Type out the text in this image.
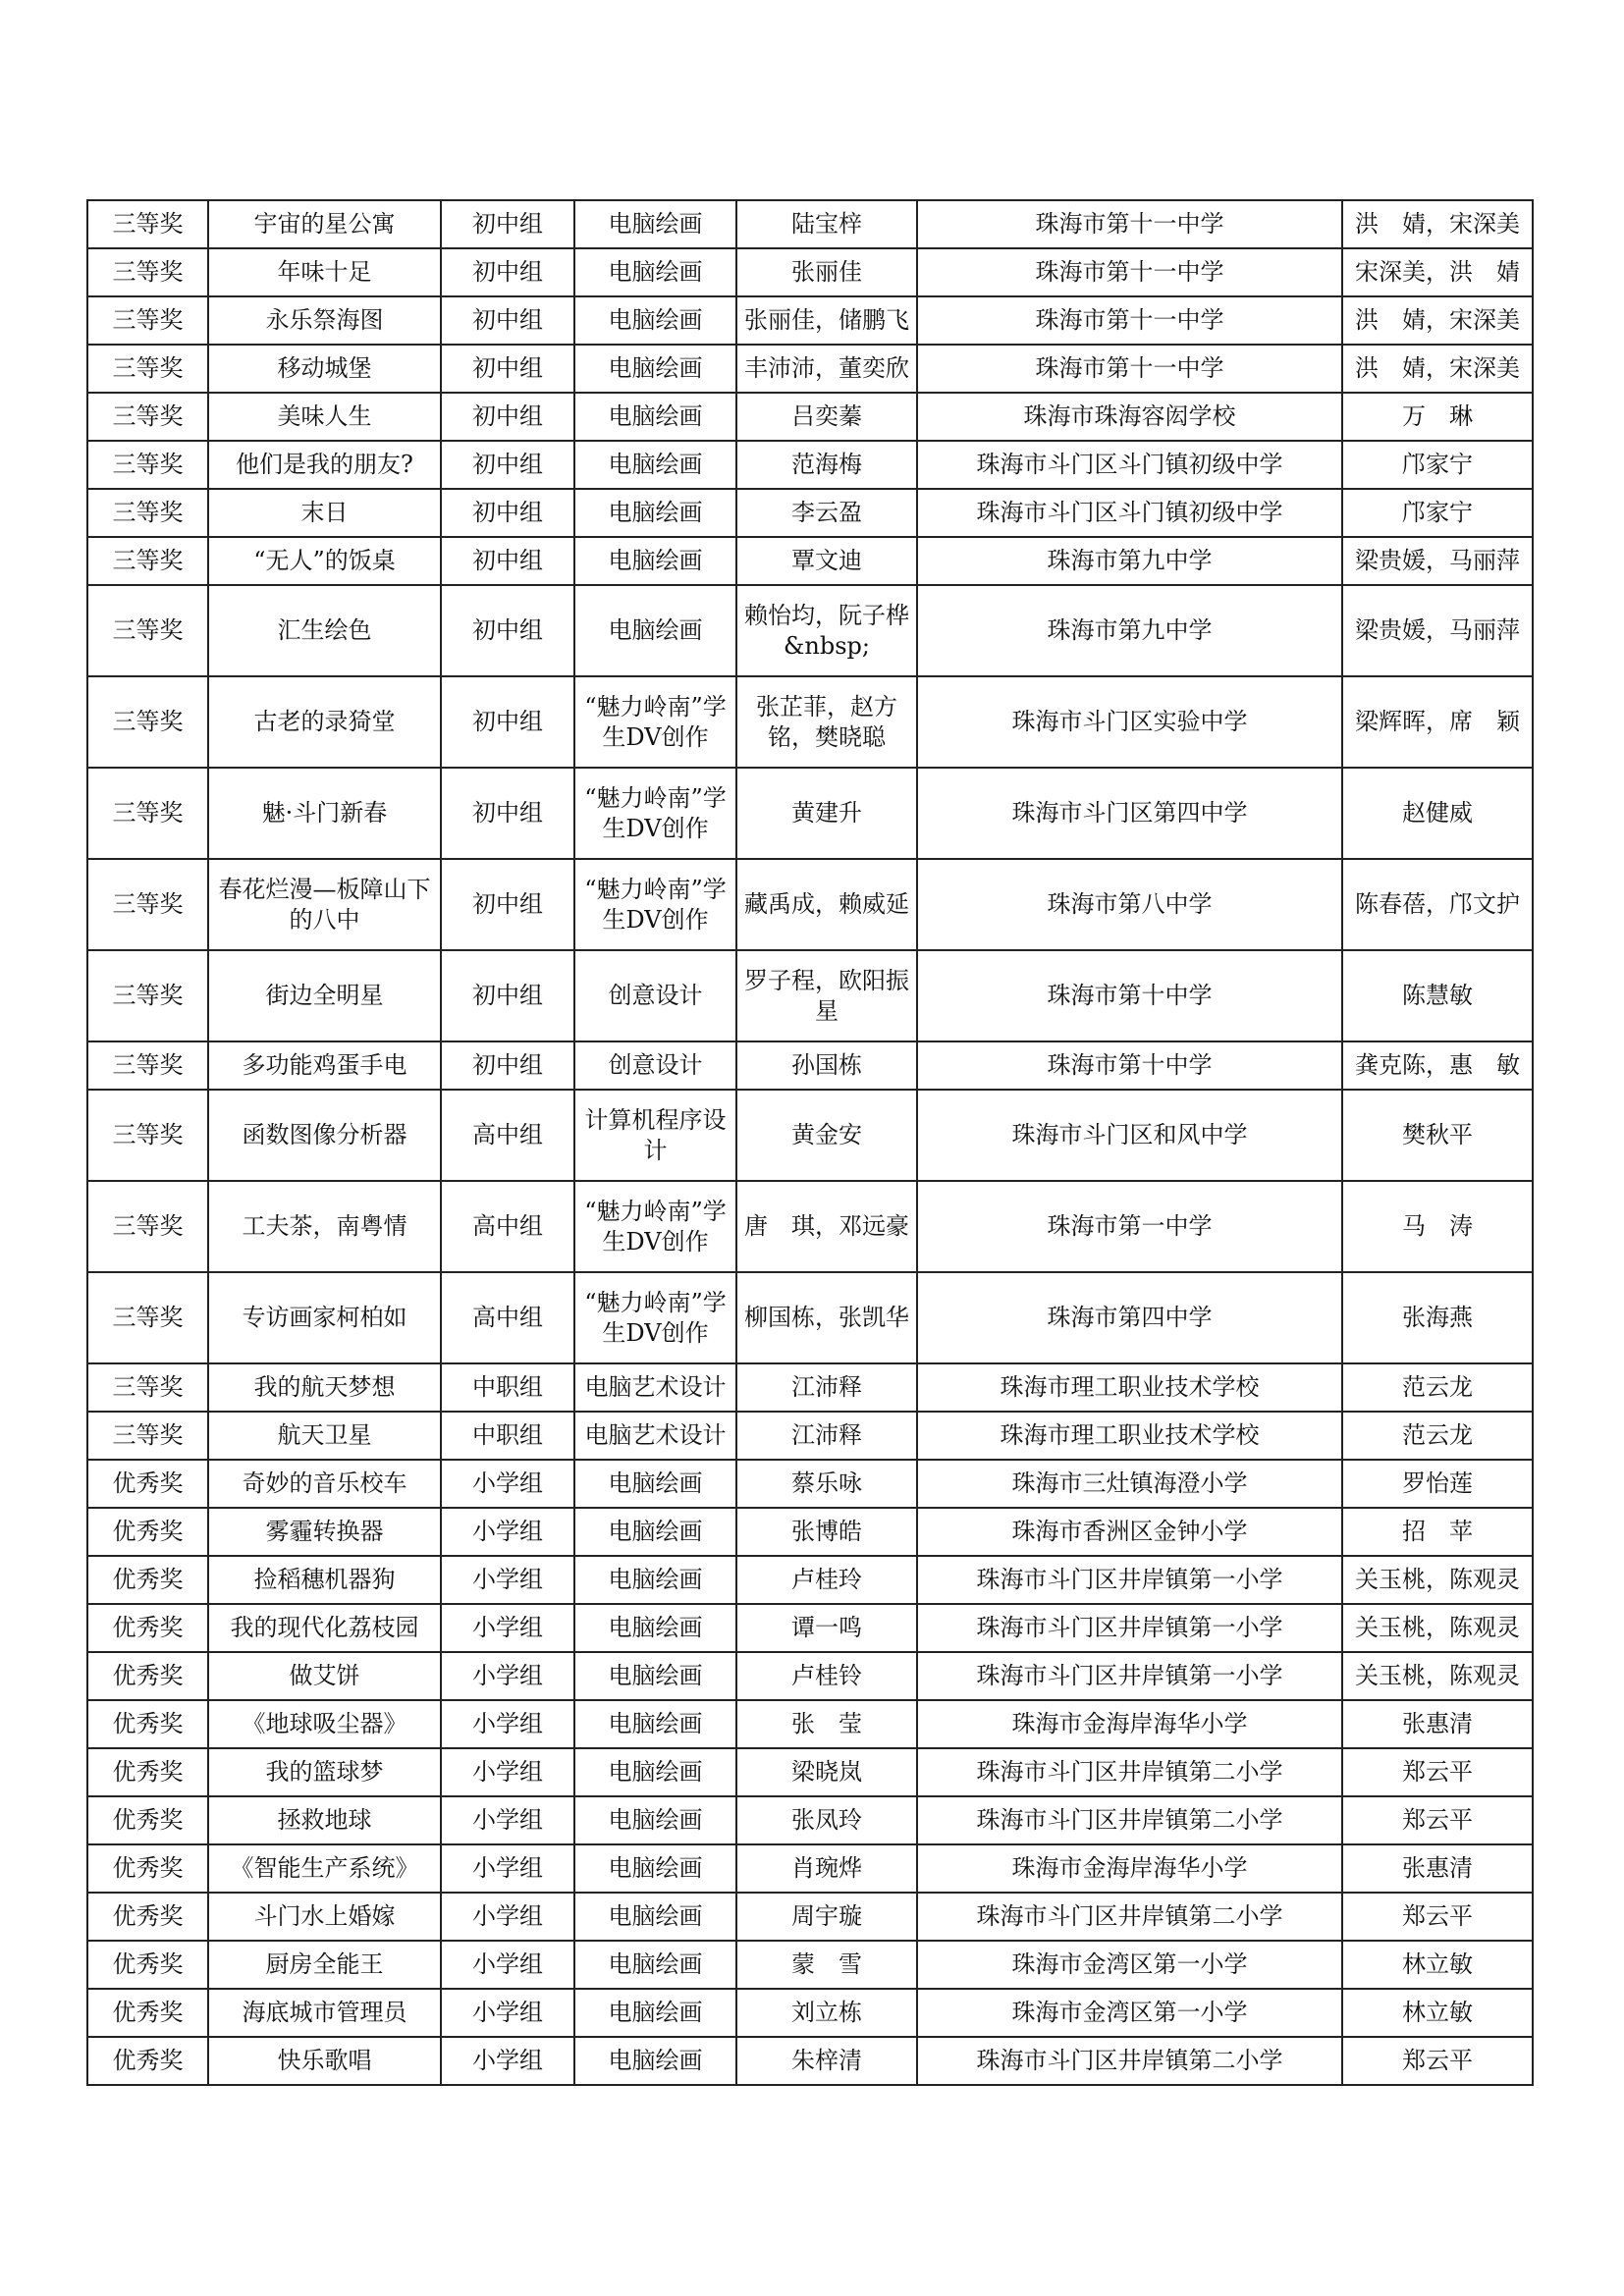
三等奖	宇宙的星公寓	初中组	电脑绘画	陆宝梓	珠海市第十一中学	洪　婧，宋深美
三等奖	年味十足	初中组	电脑绘画	张丽佳	珠海市第十一中学	宋深美，洪　婧
三等奖	永乐祭海图	初中组	电脑绘画	张丽佳，储鹏飞	珠海市第十一中学	洪　婧，宋深美
三等奖	移动城堡	初中组	电脑绘画	丰沛沛，董奕欣	珠海市第十一中学	洪　婧，宋深美
三等奖	美味人生	初中组	电脑绘画	吕奕蓁	珠海市珠海容闳学校	万　琳
三等奖	他们是我的朋友?	初中组	电脑绘画	范海梅	珠海市斗门区斗门镇初级中学	邝家宁
三等奖	末日	初中组	电脑绘画	李云盈	珠海市斗门区斗门镇初级中学	邝家宁
三等奖	“无人”的饭桌	初中组	电脑绘画	覃文迪	珠海市第九中学	梁贵媛，马丽萍
三等奖	汇生绘色	初中组	电脑绘画	赖怡均，阮子桦&nbsp;	珠海市第九中学	梁贵媛，马丽萍
三等奖	古老的录猗堂	初中组	“魅力岭南”学生DV创作	张芷菲，赵方铭，樊晓聪	珠海市斗门区实验中学	梁辉晖，席　颖
三等奖	魅·斗门新春	初中组	“魅力岭南”学生DV创作	黄建升	珠海市斗门区第四中学	赵健威
三等奖	春花烂漫—板障山下的八中	初中组	“魅力岭南”学生DV创作	藏禹成，赖威延	珠海市第八中学	陈春蓓，邝文护
三等奖	街边全明星	初中组	创意设计	罗子程，欧阳振星	珠海市第十中学	陈慧敏
三等奖	多功能鸡蛋手电	初中组	创意设计	孙国栋	珠海市第十中学	龚克陈，惠　敏
三等奖	函数图像分析器	高中组	计算机程序设计	黄金安	珠海市斗门区和风中学	樊秋平
三等奖	工夫茶，南粤情	高中组	“魅力岭南”学生DV创作	唐　琪，邓远豪	珠海市第一中学	马　涛
三等奖	专访画家柯柏如	高中组	“魅力岭南”学生DV创作	柳国栋，张凯华	珠海市第四中学	张海燕
三等奖	我的航天梦想	中职组	电脑艺术设计	江沛释	珠海市理工职业技术学校	范云龙
三等奖	航天卫星	中职组	电脑艺术设计	江沛释	珠海市理工职业技术学校	范云龙
优秀奖	奇妙的音乐校车	小学组	电脑绘画	蔡乐咏	珠海市三灶镇海澄小学	罗怡莲
优秀奖	雾霾转换器	小学组	电脑绘画	张博皓	珠海市香洲区金钟小学	招　苹
优秀奖	捡稻穗机器狗	小学组	电脑绘画	卢桂玲	珠海市斗门区井岸镇第一小学	关玉桃，陈观灵
优秀奖	我的现代化荔枝园	小学组	电脑绘画	谭一鸣	珠海市斗门区井岸镇第一小学	关玉桃，陈观灵
优秀奖	做艾饼	小学组	电脑绘画	卢桂铃	珠海市斗门区井岸镇第一小学	关玉桃，陈观灵
优秀奖	《地球吸尘器》	小学组	电脑绘画	张　莹	珠海市金海岸海华小学	张惠清
优秀奖	我的篮球梦	小学组	电脑绘画	梁晓岚	珠海市斗门区井岸镇第二小学	郑云平
优秀奖	拯救地球	小学组	电脑绘画	张凤玲	珠海市斗门区井岸镇第二小学	郑云平
优秀奖	《智能生产系统》	小学组	电脑绘画	肖琬烨	珠海市金海岸海华小学	张惠清
优秀奖	斗门水上婚嫁	小学组	电脑绘画	周宇璇	珠海市斗门区井岸镇第二小学	郑云平
优秀奖	厨房全能王	小学组	电脑绘画	蒙　雪	珠海市金湾区第一小学	林立敏
优秀奖	海底城市管理员	小学组	电脑绘画	刘立栋	珠海市金湾区第一小学	林立敏
优秀奖	快乐歌唱	小学组	电脑绘画	朱梓清	珠海市斗门区井岸镇第二小学	郑云平
